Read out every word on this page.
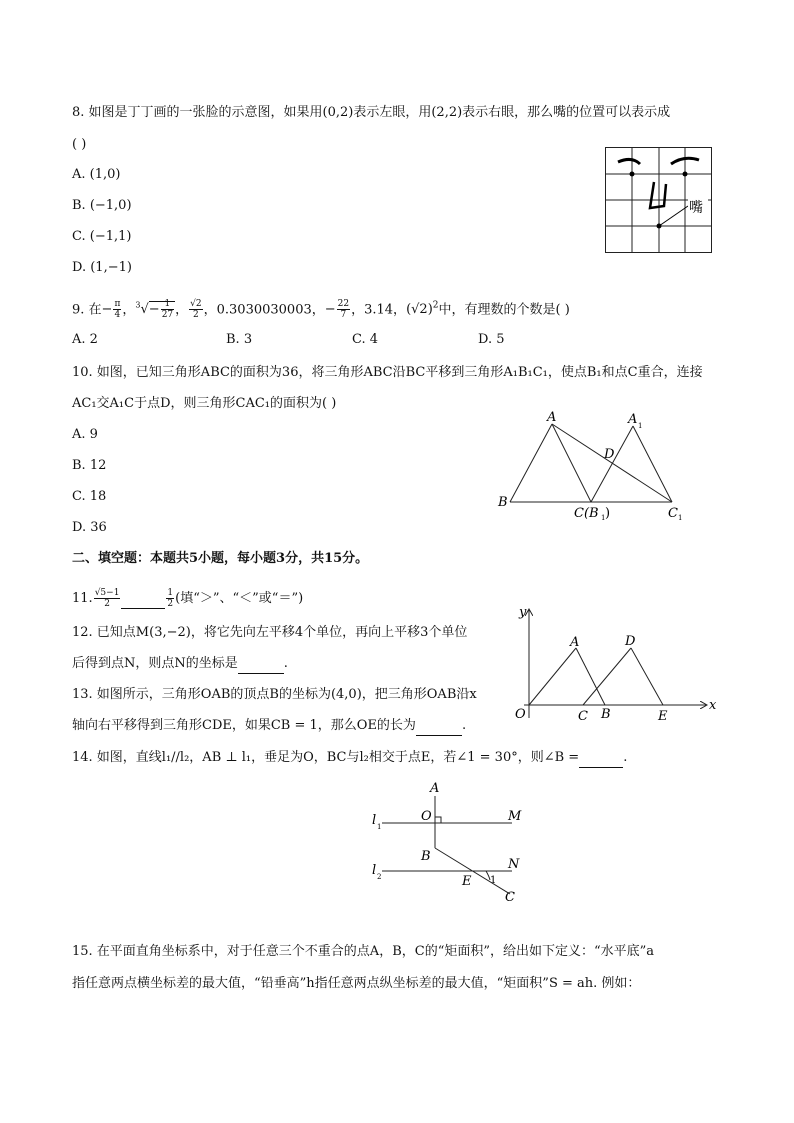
8. 如图是丁丁画的一张脸的示意图，如果用(0,2)表示左眼，用(2,2)表示右眼，那么嘴的位置可以表示成
( )
A. (1,0)
B. (−1,0)
C. (−1,1)
D. (1,−1)
嘴
9. 在− $\frac{\pi}{4}$ ，$^3√- \frac{1}{27}$ ， $\frac{√2}{2}$ ，0.3030030003，− $\frac{22}{7}$ ，3.14，$(√2)^2$中，有理数的个数是( )
A. 2	B. 3	C. 4	D. 5
10. 如图，已知三角形ABC的面积为36，将三角形ABC沿BC平移到三角形A₁B₁C₁，使点B₁和点C重合，连接
AC₁交A₁C于点D，则三角形CAC₁的面积为( )
A. 9
B. 12
C. 18
D. 36
A	A 1
D
B
C(B 1 )	C 1
二、填空题：本题共5小题，每小题3分，共15分。
11. $\frac{√5-1}{2}$
	$\frac{1}{2}$ (填“＞”、“＜”或“＝”)
12. 已知点M(3,−2)，将它先向左平移4个单位，再向上平移3个单位
后得到点N，则点N的坐标是	.
13. 如图所示，三角形OAB的顶点B的坐标为(4,0)，把三角形OAB沿x
轴向右平移得到三角形CDE，如果CB = 1，那么OE的长为	.
y
x
O
A	D
C B	E
14. 如图，直线l₁//l₂，AB ⊥ l₁，垂足为O，BC与l₂相交于点E，若∠1 = 30°，则∠B =	.
A
O	M
l 1
B
N
l 2	E 1
C
15. 在平面直角坐标系中，对于任意三个不重合的点A，B，C的“矩面积”，给出如下定义：“水平底”a
指任意两点横坐标差的最大值，“铅垂高”h指任意两点纵坐标差的最大值，“矩面积”S = ah. 例如：
